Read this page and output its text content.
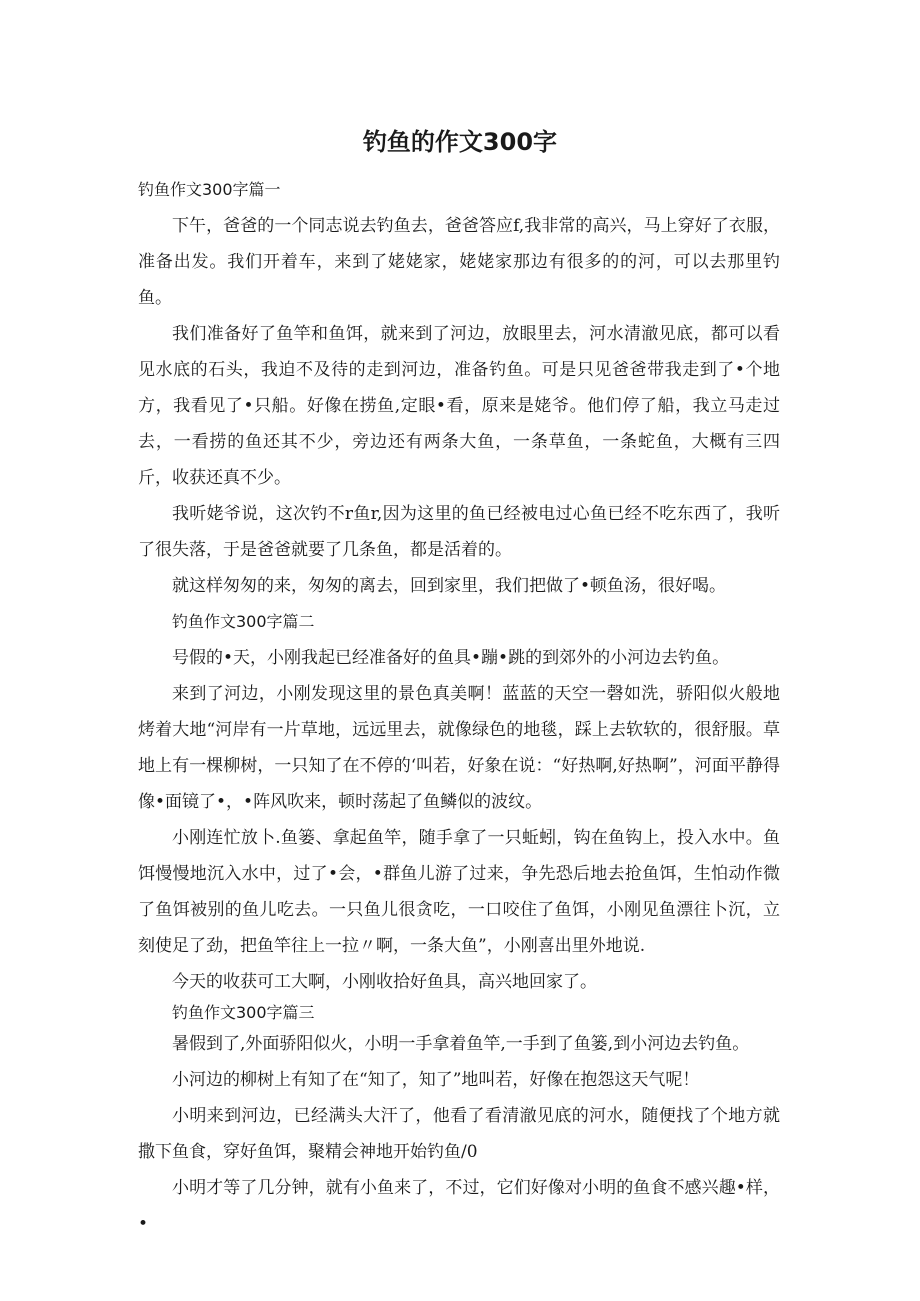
钓鱼的作文300字
钓鱼作文300字篇一

下午，爸爸的一个同志说去钓鱼去，爸爸答应f,我非常的高兴，马上穿好了衣服，准备出发。我们开着车，来到了姥姥家，姥姥家那边有很多的的河，可以去那里钓鱼。

我们准备好了鱼竿和鱼饵，就来到了河边，放眼里去，河水清澈见底，都可以看见水底的石头，我迫不及待的走到河边，准备钓鱼。可是只见爸爸带我走到了•个地方，我看见了•只船。好像在捞鱼,定眼•看，原来是姥爷。他们停了船，我立马走过去，一看捞的鱼还其不少，旁边还有两条大鱼，一条草鱼，一条蛇鱼，大概有三四斤，收获还真不少。

我听姥爷说，这次钓不r鱼r,因为这里的鱼已经被电过心鱼已经不吃东西了，我听了很失落，于是爸爸就要了几条鱼，都是活着的。

就这样匆匆的来，匆匆的离去，回到家里，我们把做了•顿鱼汤，很好喝。

钓鱼作文300字篇二

号假的•天，小刚我起已经准备好的鱼具•蹦•跳的到郊外的小河边去钓鱼。

来到了河边，小刚发现这里的景色真美啊！蓝蓝的天空一磬如洗，骄阳似火般地烤着大地“河岸有一片草地，远远里去，就像绿色的地毯，踩上去软软的，很舒服。草地上有一棵柳树，一只知了在不停的‘叫若，好象在说：“好热啊,好热啊”，河面平静得像•面镜了•，•阵风吹来，顿时荡起了鱼鳞似的波纹。

小刚连忙放卜.鱼篓、拿起鱼竿，随手拿了一只蚯蚓，钩在鱼钩上，投入水中。鱼饵慢慢地沉入水中，过了•会，•群鱼儿游了过来，争先恐后地去抢鱼饵，生怕动作微了鱼饵被别的鱼儿吃去。一只鱼儿很贪吃，一口咬住了鱼饵，小刚见鱼漂往卜沉，立刻使足了劲，把鱼竿往上一拉〃啊，一条大鱼”，小刚喜出里外地说.

今天的收获可工大啊，小刚收拾好鱼具，高兴地回家了。

钓鱼作文300字篇三

暑假到了,外面骄阳似火，小明一手拿着鱼竿,一手到了鱼篓,到小河边去钓鱼。

小河边的柳树上有知了在“知了，知了”地叫若，好像在抱怨这天气呢！

小明来到河边，已经满头大汗了，他看了看清澈见底的河水，随便找了个地方就撒下鱼食，穿好鱼饵，聚精会神地开始钓鱼/0

小明才等了几分钟，就有小鱼来了，不过，它们好像对小明的鱼食不感兴趣•样，•
